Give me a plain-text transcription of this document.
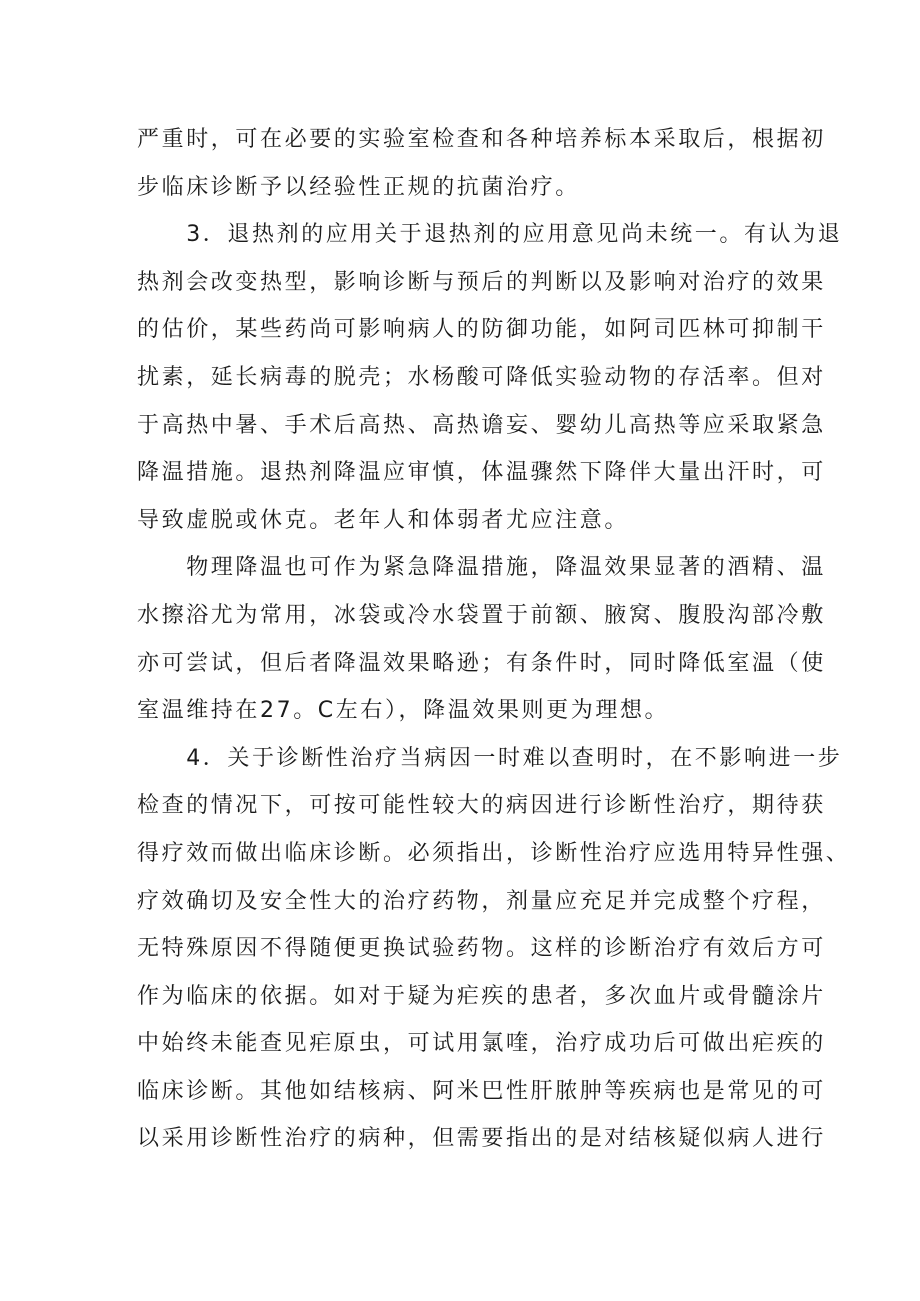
严重时，可在必要的实验室检查和各种培养标本采取后，根据初
步临床诊断予以经验性正规的抗菌治疗。
　　3．退热剂的应用关于退热剂的应用意见尚未统一。有认为退
热剂会改变热型，影响诊断与预后的判断以及影响对治疗的效果
的估价，某些药尚可影响病人的防御功能，如阿司匹林可抑制干
扰素，延长病毒的脱壳；水杨酸可降低实验动物的存活率。但对
于高热中暑、手术后高热、高热谵妄、婴幼儿高热等应采取紧急
降温措施。退热剂降温应审慎，体温骤然下降伴大量出汗时，可
导致虚脱或休克。老年人和体弱者尤应注意。
　　物理降温也可作为紧急降温措施，降温效果显著的酒精、温
水擦浴尤为常用，冰袋或冷水袋置于前额、腋窝、腹股沟部冷敷
亦可尝试，但后者降温效果略逊；有条件时，同时降低室温（使
室温维持在27。C左右），降温效果则更为理想。
　　4．关于诊断性治疗当病因一时难以查明时，在不影响进一步
检查的情况下，可按可能性较大的病因进行诊断性治疗，期待获
得疗效而做出临床诊断。必须指出，诊断性治疗应选用特异性强、
疗效确切及安全性大的治疗药物，剂量应充足并完成整个疗程，
无特殊原因不得随便更换试验药物。这样的诊断治疗有效后方可
作为临床的依据。如对于疑为疟疾的患者，多次血片或骨髓涂片
中始终未能查见疟原虫，可试用氯喹，治疗成功后可做出疟疾的
临床诊断。其他如结核病、阿米巴性肝脓肿等疾病也是常见的可
以采用诊断性治疗的病种，但需要指出的是对结核疑似病人进行
